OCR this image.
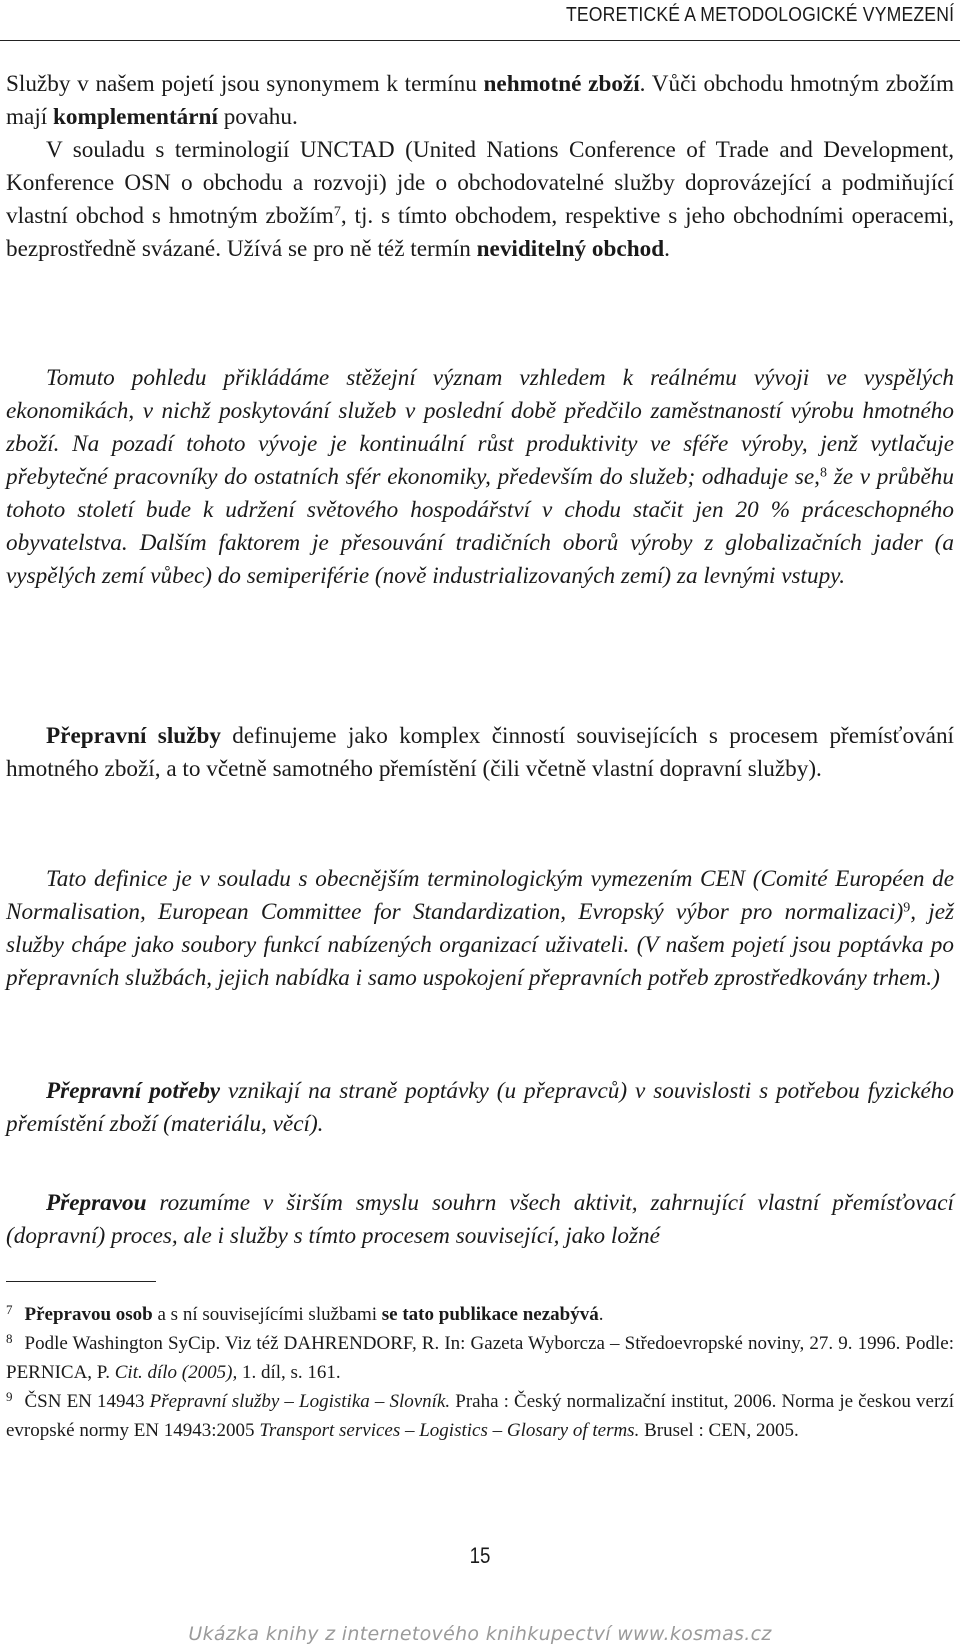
TEORETICKÉ A METODOLOGICKÉ VYMEZENÍ

Služby v našem pojetí jsou synonymem k termínu nehmotné zboží. Vůči obchodu hmotným zbožím mají komplementární povahu.

V souladu s terminologií UNCTAD (United Nations Conference of Trade and Development, Konference OSN o obchodu a rozvoji) jde o obchodovatelné služby doprovázející a podmiňující vlastní obchod s hmotným zbožím$^7$, tj. s tímto obchodem, respektive s jeho obchodními operacemi, bezprostředně svázané. Užívá se pro ně též termín neviditelný obchod.

Tomuto pohledu přikládáme stěžejní význam vzhledem k reálnému vývoji ve vyspělých ekonomikách, v nichž poskytování služeb v poslední době předčilo zaměstnaností výrobu hmotného zboží. Na pozadí tohoto vývoje je kontinuální růst produktivity ve sféře výroby, jenž vytlačuje přebytečné pracovníky do ostatních sfér ekonomiky, především do služeb; odhaduje se,$^8$ že v průběhu tohoto století bude k udržení světového hospodářství v chodu stačit jen 20 % práceschopného obyvatelstva. Dalším faktorem je přesouvání tradičních oborů výroby z globalizačních jader (a vyspělých zemí vůbec) do semiperiférie (nově industrializovaných zemí) za levnými vstupy.

Přepravní služby definujeme jako komplex činností souvisejících s procesem přemísťování hmotného zboží, a to včetně samotného přemístění (čili včetně vlastní dopravní služby).

Tato definice je v souladu s obecnějším terminologickým vymezením CEN (Comité Européen de Normalisation, European Committee for Standardization, Evropský výbor pro normalizaci)$^9$, jež služby chápe jako soubory funkcí nabízených organizací uživateli. (V našem pojetí jsou poptávka po přepravních službách, jejich nabídka i samo uspokojení přepravních potřeb zprostředkovány trhem.)

Přepravní potřeby vznikají na straně poptávky (u přepravců) v souvislosti s potřebou fyzického přemístění zboží (materiálu, věcí).

Přepravou rozumíme v širším smyslu souhrn všech aktivit, zahrnující vlastní přemísťovací (dopravní) proces, ale i služby s tímto procesem související, jako ložné

$^7$ Přepravou osob a s ní souvisejícími službami se tato publikace nezabývá.

$^8$ Podle Washington SyCip. Viz též DAHRENDORF, R. In: Gazeta Wyborcza – Středoevropské noviny, 27. 9. 1996. Podle: PERNICA, P. Cit. dílo (2005), 1. díl, s. 161.

$^9$ ČSN EN 14943 Přepravní služby – Logistika – Slovník. Praha : Český normalizační institut, 2006. Norma je českou verzí evropské normy EN 14943:2005 Transport services – Logistics – Glosary of terms. Brusel : CEN, 2005.

15
Ukázka knihy z internetového knihkupectví www.kosmas.cz
